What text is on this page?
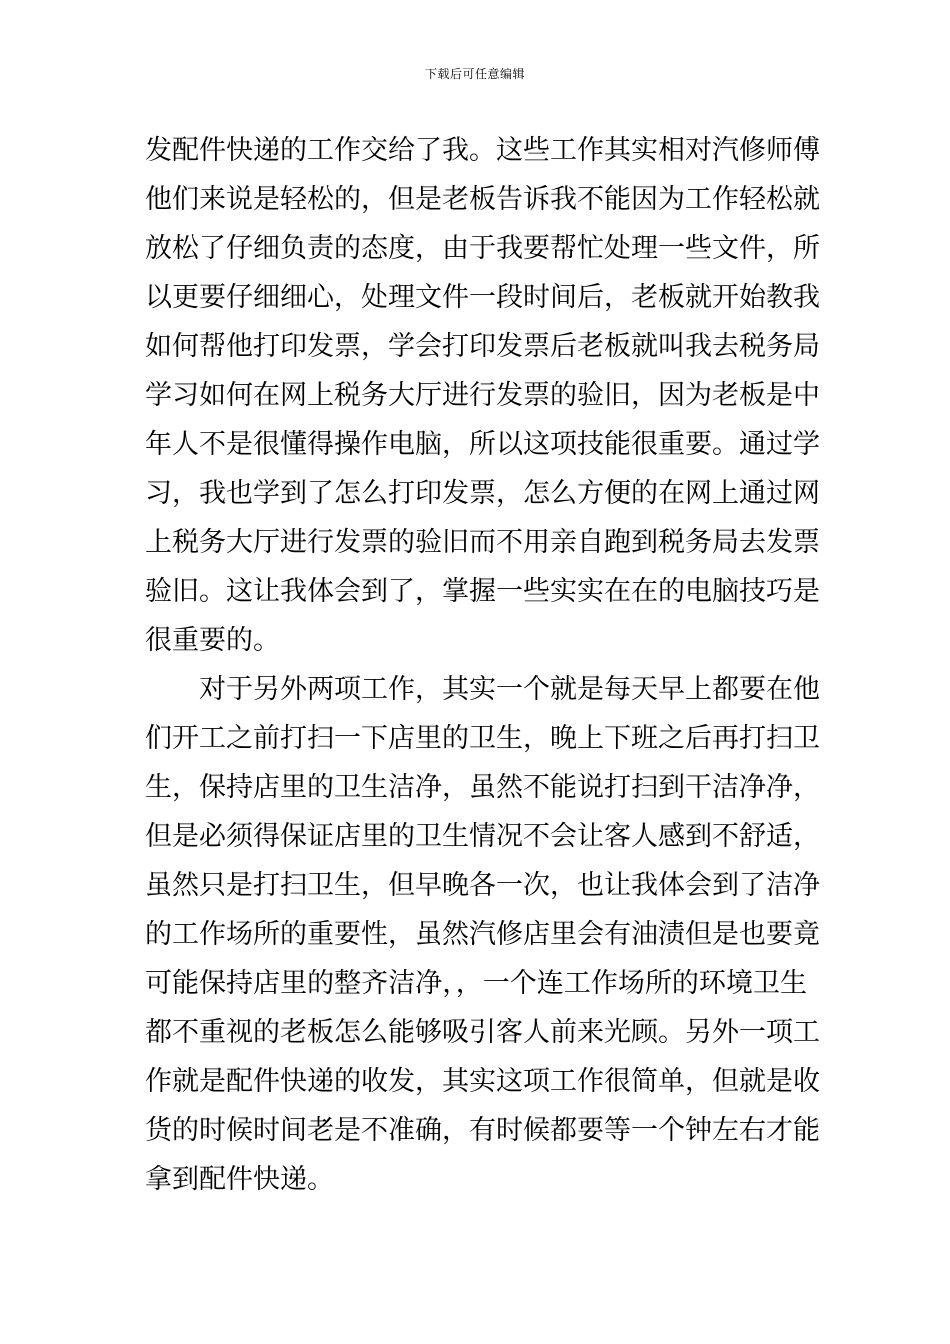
下载后可任意编辑
发配件快递的工作交给了我。这些工作其实相对汽修师傅
他们来说是轻松的，但是老板告诉我不能因为工作轻松就
放松了仔细负责的态度，由于我要帮忙处理一些文件，所
以更要仔细细心，处理文件一段时间后，老板就开始教我
如何帮他打印发票，学会打印发票后老板就叫我去税务局
学习如何在网上税务大厅进行发票的验旧，因为老板是中
年人不是很懂得操作电脑，所以这项技能很重要。通过学
习，我也学到了怎么打印发票，怎么方便的在网上通过网
上税务大厅进行发票的验旧而不用亲自跑到税务局去发票
验旧。这让我体会到了，掌握一些实实在在的电脑技巧是
很重要的。
对于另外两项工作，其实一个就是每天早上都要在他
们开工之前打扫一下店里的卫生，晚上下班之后再打扫卫
生，保持店里的卫生洁净，虽然不能说打扫到干洁净净，
但是必须得保证店里的卫生情况不会让客人感到不舒适，
虽然只是打扫卫生，但早晚各一次，也让我体会到了洁净
的工作场所的重要性，虽然汽修店里会有油渍但是也要竟
可能保持店里的整齐洁净，，一个连工作场所的环境卫生
都不重视的老板怎么能够吸引客人前来光顾。另外一项工
作就是配件快递的收发，其实这项工作很简单，但就是收
货的时候时间老是不准确，有时候都要等一个钟左右才能
拿到配件快递。
